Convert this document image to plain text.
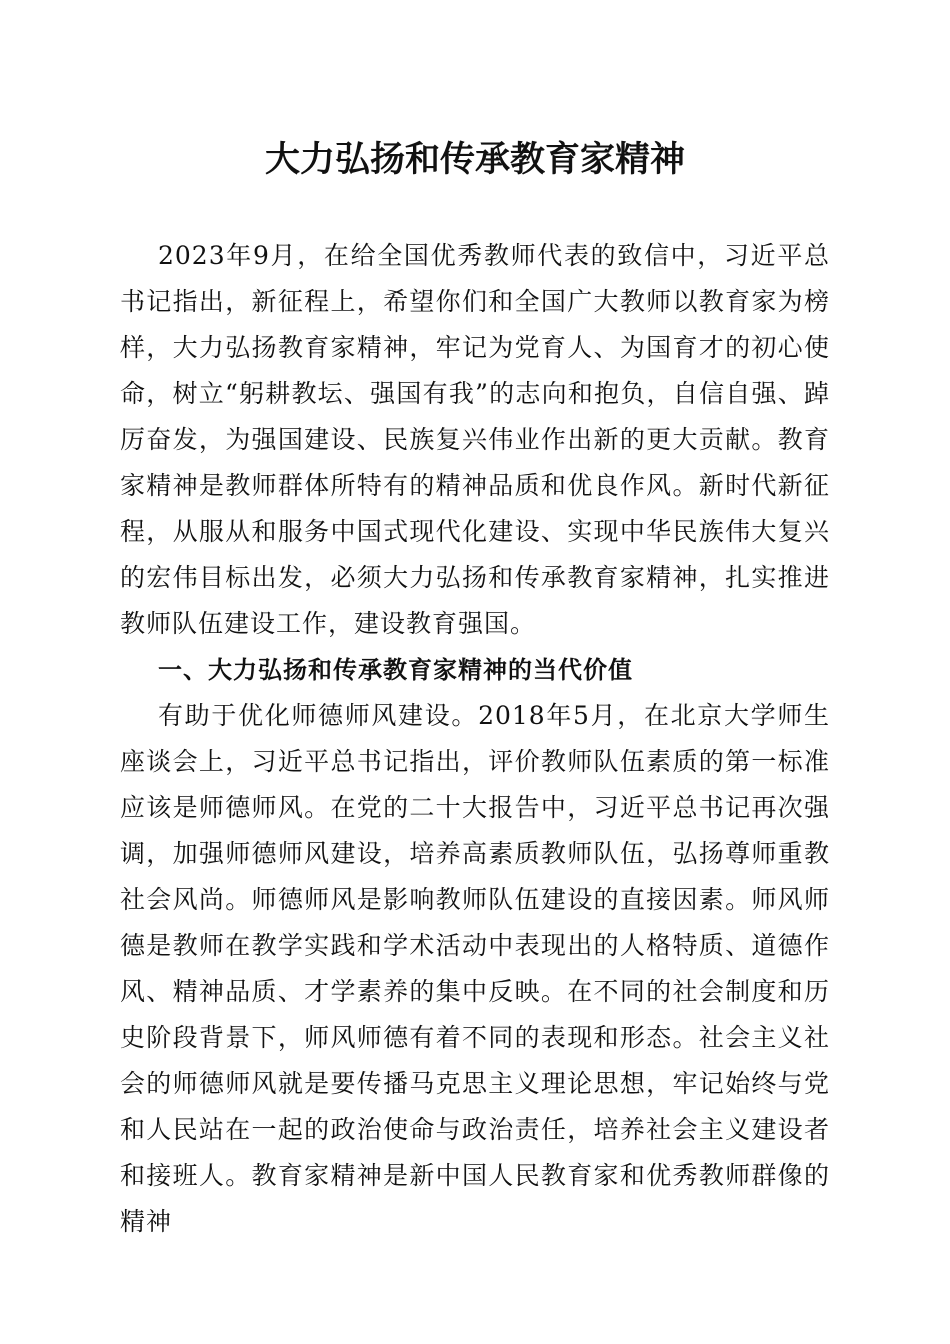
大力弘扬和传承教育家精神

2023年9月，在给全国优秀教师代表的致信中，习近平总书记指出，新征程上，希望你们和全国广大教师以教育家为榜样，大力弘扬教育家精神，牢记为党育人、为国育才的初心使命，树立“躬耕教坛、强国有我”的志向和抱负，自信自强、踔厉奋发，为强国建设、民族复兴伟业作出新的更大贡献。教育家精神是教师群体所特有的精神品质和优良作风。新时代新征程，从服从和服务中国式现代化建设、实现中华民族伟大复兴的宏伟目标出发，必须大力弘扬和传承教育家精神，扎实推进教师队伍建设工作，建设教育强国。

一、大力弘扬和传承教育家精神的当代价值

有助于优化师德师风建设。2018年5月，在北京大学师生座谈会上，习近平总书记指出，评价教师队伍素质的第一标准应该是师德师风。在党的二十大报告中，习近平总书记再次强调，加强师德师风建设，培养高素质教师队伍，弘扬尊师重教社会风尚。师德师风是影响教师队伍建设的直接因素。师风师德是教师在教学实践和学术活动中表现出的人格特质、道德作风、精神品质、才学素养的集中反映。在不同的社会制度和历史阶段背景下，师风师德有着不同的表现和形态。社会主义社会的师德师风就是要传播马克思主义理论思想，牢记始终与党和人民站在一起的政治使命与政治责任，培养社会主义建设者和接班人。教育家精神是新中国人民教育家和优秀教师群像的精神
